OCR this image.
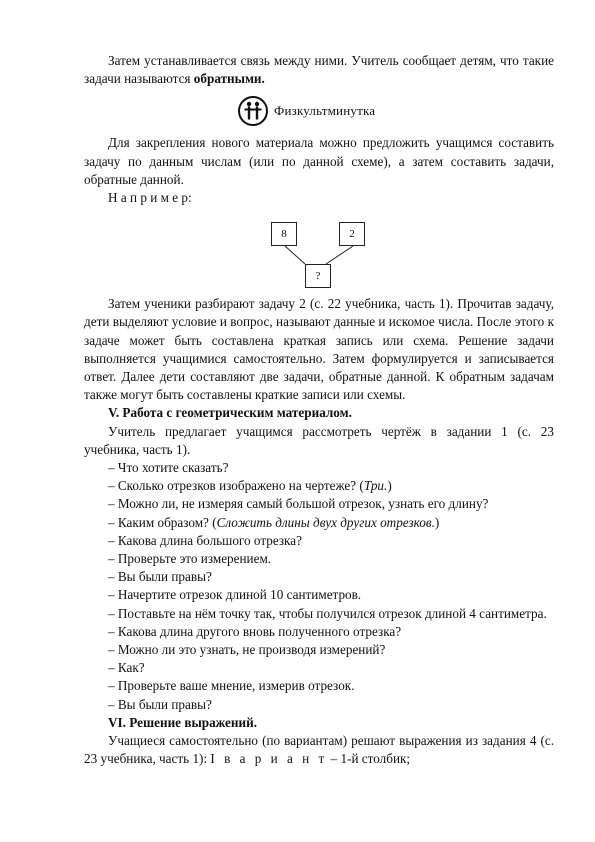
Затем устанавливается связь между ними. Учитель сообщает детям, что такие задачи называются обратными.

Физкультминутка

Для закрепления нового материала можно предложить учащимся составить задачу по данным числам (или по данной схеме), а затем составить задачи, обратные данной.

Н а п р и м е р:

8	2
?

Затем ученики разбирают задачу 2 (с. 22 учебника, часть 1). Прочитав задачу, дети выделяют условие и вопрос, называют данные и искомое числа. После этого к задаче может быть составлена краткая запись или схема. Решение задачи выполняется учащимися самостоятельно. Затем формулируется и записывается ответ. Далее дети составляют две задачи, обратные данной. К обратным задачам также могут быть составлены краткие записи или схемы.

V. Работа с геометрическим материалом.

Учитель предлагает учащимся рассмотреть чертёж в задании 1 (с. 23 учебника, часть 1).

– Что хотите сказать?

– Сколько отрезков изображено на чертеже? (Три.)

– Можно ли, не измеряя самый большой отрезок, узнать его длину?

– Каким образом? (Сложить длины двух других отрезков.)

– Какова длина большого отрезка?

– Проверьте это измерением.

– Вы были правы?

– Начертите отрезок длиной 10 сантиметров.

– Поставьте на нём точку так, чтобы получился отрезок длиной 4 сантиметра.

– Какова длина другого вновь полученного отрезка?

– Можно ли это узнать, не производя измерений?

– Как?

– Проверьте ваше мнение, измерив отрезок.

– Вы были правы?

VI. Решение выражений.

Учащиеся самостоятельно (по вариантам) решают выражения из задания 4 (с. 23 учебника, часть 1): I в а р и а н т – 1-й столбик;
